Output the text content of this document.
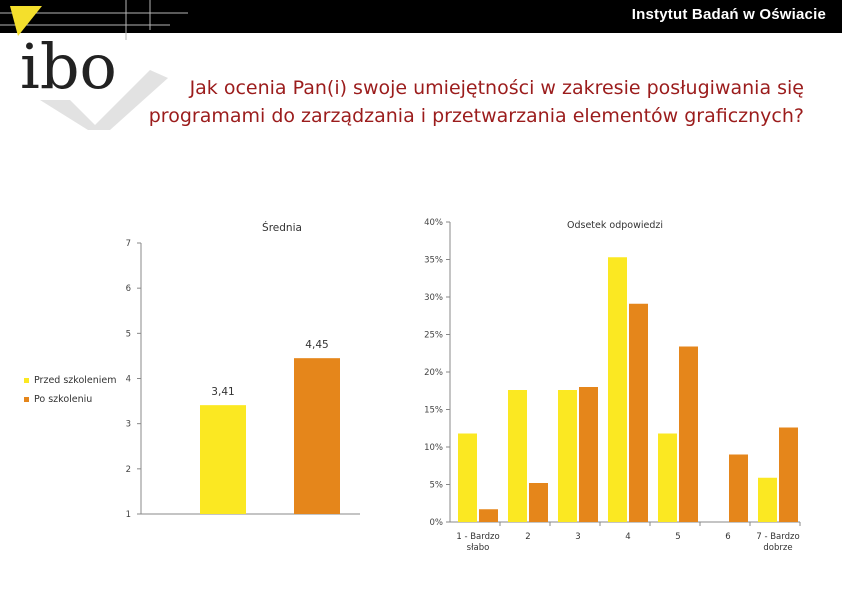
Instytut Badań w Oświacie
ibo	Jak ocenia Pan(i) swoje umiejętności w zakresie posługiwania się programami do zarządzania i przetwarzania elementów graficznych?
1
2
3
4
5
6
7
Średnia
3,41
4,45
0%
5%
10%
15%
20%
25%
30%
35%
40%	Odsetek odpowiedzi
1 - Bardzo słabo
2	3	4	5	6	7 - Bardzo dobrze
Przed szkoleniem
Po szkoleniu
